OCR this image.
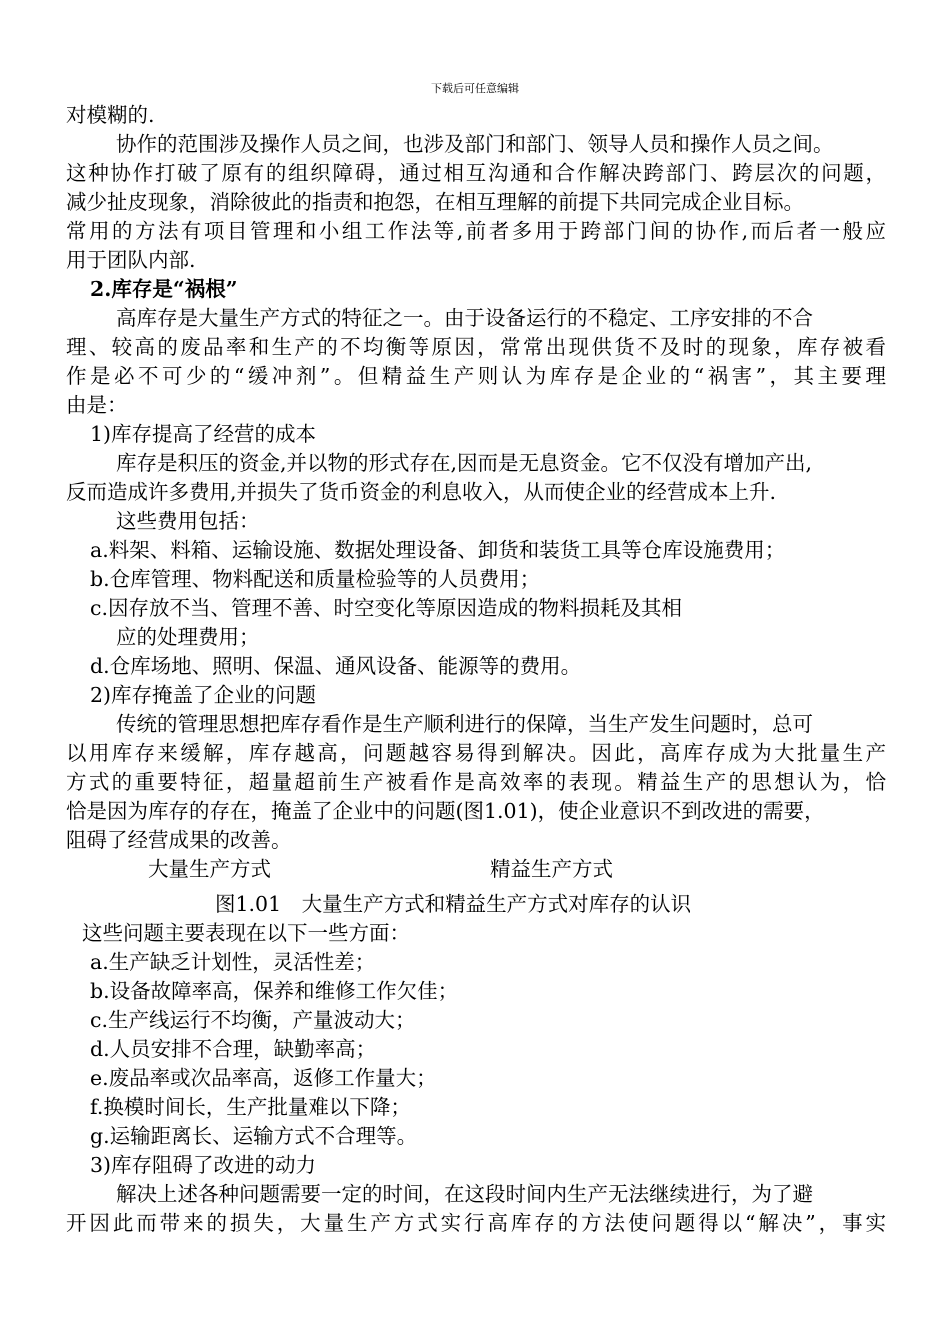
下载后可任意编辑
对模糊的.
协作的范围涉及操作人员之间，也涉及部门和部门、领导人员和操作人员之间。
这种协作打破了原有的组织障碍，通过相互沟通和合作解决跨部门、跨层次的问题，
减少扯皮现象，消除彼此的指责和抱怨，在相互理解的前提下共同完成企业目标。
常用的方法有项目管理和小组工作法等,前者多用于跨部门间的协作,而后者一般应
用于团队内部.
2.库存是“祸根”
高库存是大量生产方式的特征之一。由于设备运行的不稳定、工序安排的不合
理、较高的废品率和生产的不均衡等原因，常常出现供货不及时的现象，库存被看
作是必不可少的“缓冲剂”。但精益生产则认为库存是企业的“祸害”，其主要理
由是：
1)库存提高了经营的成本
库存是积压的资金,并以物的形式存在,因而是无息资金。它不仅没有增加产出,
反而造成许多费用,并损失了货币资金的利息收入，从而使企业的经营成本上升.
这些费用包括：
a.料架、料箱、运输设施、数据处理设备、卸货和装货工具等仓库设施费用；
b.仓库管理、物料配送和质量检验等的人员费用；
c.因存放不当、管理不善、时空变化等原因造成的物料损耗及其相
应的处理费用；
d.仓库场地、照明、保温、通风设备、能源等的费用。
2)库存掩盖了企业的问题
传统的管理思想把库存看作是生产顺利进行的保障，当生产发生问题时，总可
以用库存来缓解，库存越高，问题越容易得到解决。因此，高库存成为大批量生产
方式的重要特征，超量超前生产被看作是高效率的表现。精益生产的思想认为，恰
恰是因为库存的存在，掩盖了企业中的问题(图1.01)，使企业意识不到改进的需要，
阻碍了经营成果的改善。
大量生产方式	精益生产方式
图1.01　大量生产方式和精益生产方式对库存的认识
这些问题主要表现在以下一些方面：
a.生产缺乏计划性，灵活性差；
b.设备故障率高，保养和维修工作欠佳；
c.生产线运行不均衡，产量波动大；
d.人员安排不合理，缺勤率高；
e.废品率或次品率高，返修工作量大；
f.换模时间长，生产批量难以下降；
g.运输距离长、运输方式不合理等。
3)库存阻碍了改进的动力
解决上述各种问题需要一定的时间，在这段时间内生产无法继续进行，为了避
开因此而带来的损失，大量生产方式实行高库存的方法使问题得以“解决”，事实
